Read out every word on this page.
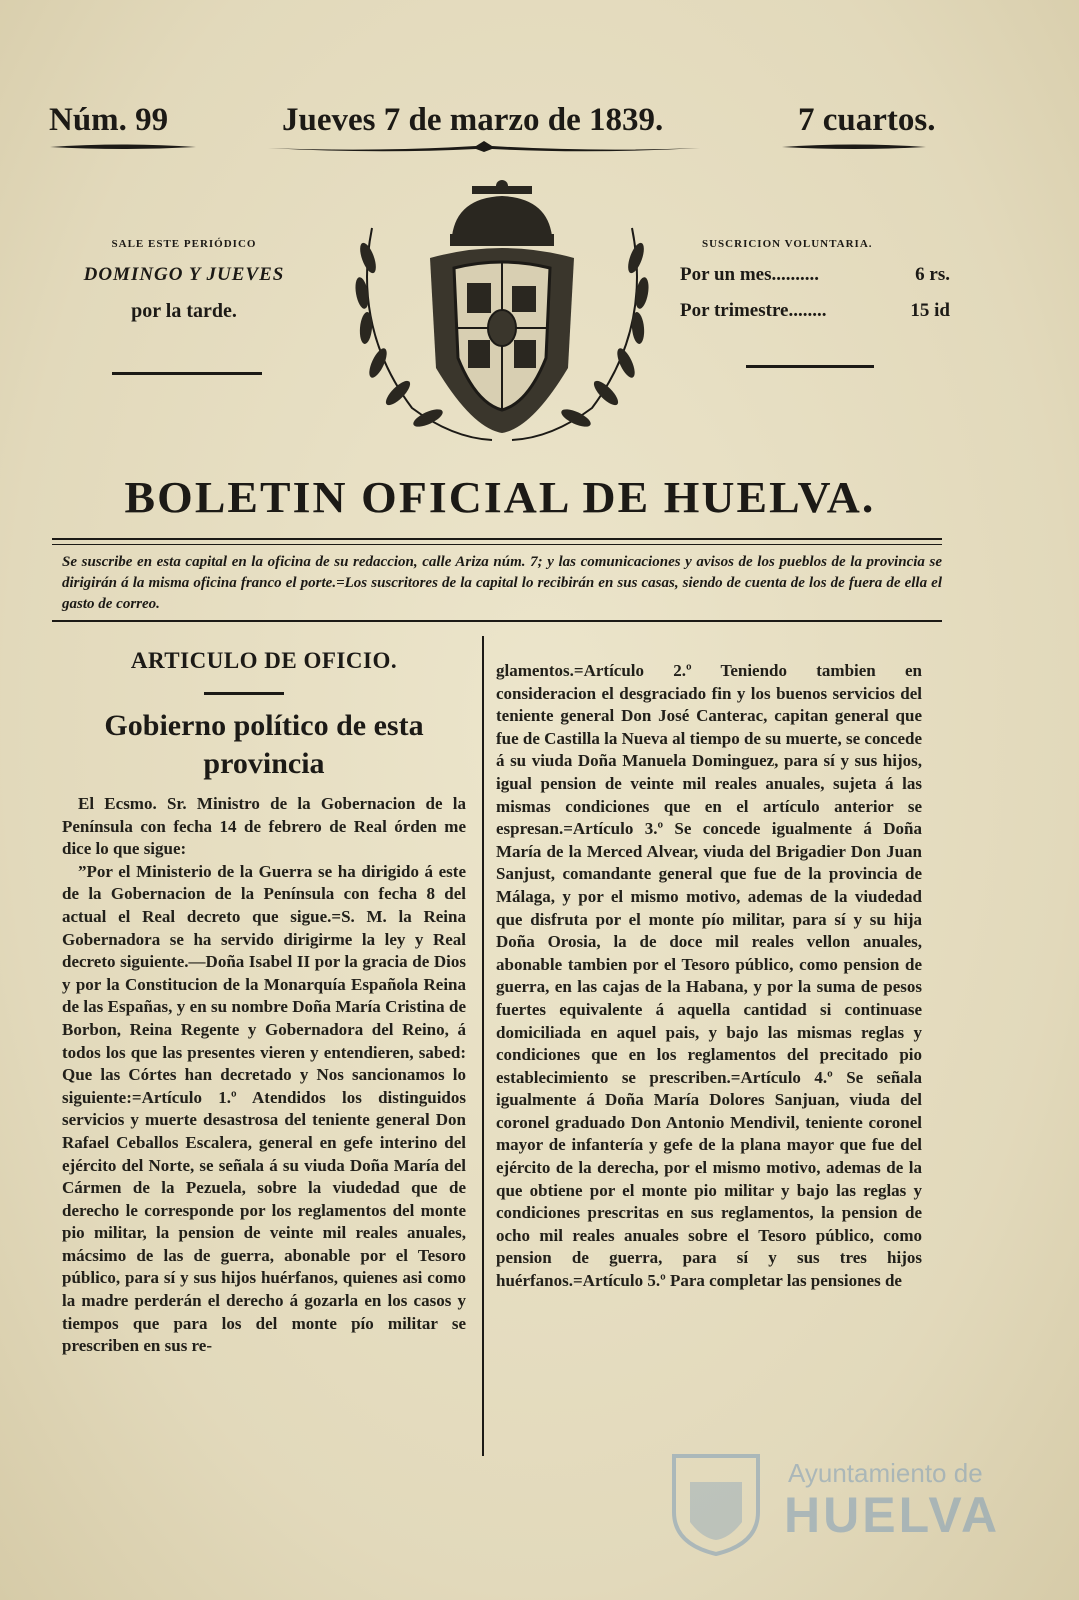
Núm. 99	Jueves 7 de marzo de 1839.	7 cuartos.
SALE ESTE PERIÓDICO
DOMINGO Y JUEVES
por la tarde.
SUSCRICION VOLUNTARIA.
Por un mes..........	6 rs.
Por trimestre........	15 id
BOLETIN OFICIAL DE HUELVA.
Se suscribe en esta capital en la oficina de su redaccion, calle Ariza núm. 7; y las comunicaciones y avisos de los pueblos de la provincia se dirigirán á la misma oficina franco el porte.=Los suscritores de la capital lo recibirán en sus casas, siendo de cuenta de los de fuera de ella el gasto de correo.
ARTICULO DE OFICIO.
Gobierno político de esta provincia

El Ecsmo. Sr. Ministro de la Gobernacion de la Península con fecha 14 de febrero de Real órden me dice lo que sigue:

”Por el Ministerio de la Guerra se ha dirigido á este de la Gobernacion de la Península con fecha 8 del actual el Real decreto que sigue.=S. M. la Reina Gobernadora se ha servido dirigirme la ley y Real decreto siguiente.—Doña Isabel II por la gracia de Dios y por la Constitucion de la Monarquía Española Reina de las Españas, y en su nombre Doña María Cristina de Borbon, Reina Regente y Gobernadora del Reino, á todos los que las presentes vieren y entendieren, sabed: Que las Córtes han decretado y Nos sancionamos lo siguiente:=Artículo 1.º Atendidos los distinguidos servicios y muerte desastrosa del teniente general Don Rafael Ceballos Escalera, general en gefe interino del ejército del Norte, se señala á su viuda Doña María del Cármen de la Pezuela, sobre la viudedad que de derecho le corresponde por los reglamentos del monte pio militar, la pension de veinte mil reales anuales, mácsimo de las de guerra, abonable por el Tesoro público, para sí y sus hijos huérfanos, quienes asi como la madre perderán el derecho á gozarla en los casos y tiempos que para los del monte pío militar se prescriben en sus re-

glamentos.=Artículo 2.º Teniendo tambien en consideracion el desgraciado fin y los buenos servicios del teniente general Don José Canterac, capitan general que fue de Castilla la Nueva al tiempo de su muerte, se concede á su viuda Doña Manuela Dominguez, para sí y sus hijos, igual pension de veinte mil reales anuales, sujeta á las mismas condiciones que en el artículo anterior se espresan.=Artículo 3.º Se concede igualmente á Doña María de la Merced Alvear, viuda del Brigadier Don Juan Sanjust, comandante general que fue de la provincia de Málaga, y por el mismo motivo, ademas de la viudedad que disfruta por el monte pío militar, para sí y su hija Doña Orosia, la de doce mil reales vellon anuales, abonable tambien por el Tesoro público, como pension de guerra, en las cajas de la Habana, y por la suma de pesos fuertes equivalente á aquella cantidad si continuase domiciliada en aquel pais, y bajo las mismas reglas y condiciones que en los reglamentos del precitado pio establecimiento se prescriben.=Artículo 4.º Se señala igualmente á Doña María Dolores Sanjuan, viuda del coronel graduado Don Antonio Mendivil, teniente coronel mayor de infantería y gefe de la plana mayor que fue del ejército de la derecha, por el mismo motivo, ademas de la que obtiene por el monte pio militar y bajo las reglas y condiciones prescritas en sus reglamentos, la pension de ocho mil reales anuales sobre el Tesoro público, como pension de guerra, para sí y sus tres hijos huérfanos.=Artículo 5.º Para completar las pensiones de

Ayuntamiento de
HUELVA
